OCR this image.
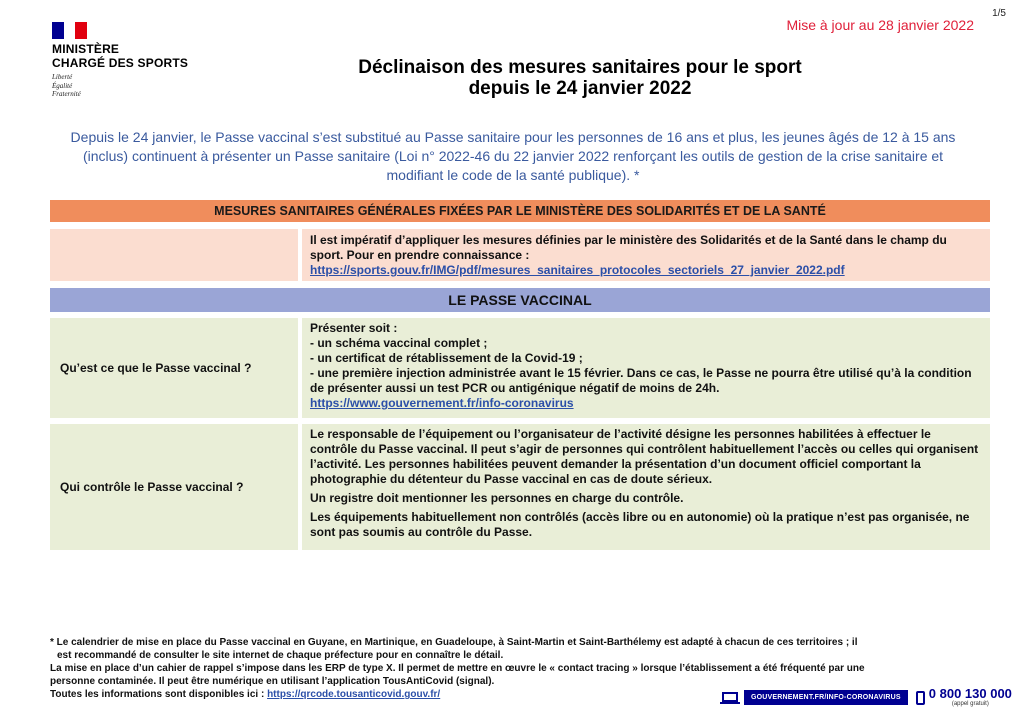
1/5
Mise à jour au 28 janvier 2022
MINISTÈRE
CHARGÉ DES SPORTS
Liberté
Égalité
Fraternité
Déclinaison des mesures sanitaires pour le sport
depuis le 24 janvier 2022
Depuis le 24 janvier, le Passe vaccinal s’est substitué au Passe sanitaire pour les personnes de 16 ans et plus, les jeunes âgés de 12 à 15 ans (inclus) continuent à présenter un Passe sanitaire (Loi n° 2022-46 du 22 janvier 2022 renforçant les outils de gestion de la crise sanitaire et modifiant le code de la santé publique). *
MESURES SANITAIRES GÉNÉRALES FIXÉES PAR LE MINISTÈRE DES SOLIDARITÉS ET DE LA SANTÉ

Il est impératif d’appliquer les mesures définies par le ministère des Solidarités et de la Santé dans le champ du sport. Pour en prendre connaissance :

https://sports.gouv.fr/IMG/pdf/mesures_sanitaires_protocoles_sectoriels_27_janvier_2022.pdf
LE PASSE VACCINAL
Qu’est ce que le Passe vaccinal ?

Présenter soit :

- un schéma vaccinal complet ;
- un certificat de rétablissement de la Covid-19 ;
- une première injection administrée avant le 15 février. Dans ce cas, le Passe ne pourra être utilisé qu’à la condition de présenter aussi un test PCR ou antigénique négatif de moins de 24h.
https://www.gouvernement.fr/info-coronavirus
Qui contrôle le Passe vaccinal ?

Le responsable de l’équipement ou l’organisateur de l’activité désigne les personnes habilitées à effectuer le contrôle du Passe vaccinal. Il peut s’agir de personnes qui contrôlent habituellement l’accès ou celles qui organisent l’activité. Les personnes habilitées peuvent demander la présentation d’un document officiel comportant la photographie du détenteur du Passe vaccinal en cas de doute sérieux.

Un registre doit mentionner les personnes en charge du contrôle.

Les équipements habituellement non contrôlés (accès libre ou en autonomie) où la pratique n’est pas organisée, ne sont pas soumis au contrôle du Passe.

* Le calendrier de mise en place du Passe vaccinal en Guyane, en Martinique, en Guadeloupe, à Saint-Martin et Saint-Barthélemy est adapté à chacun de ces territoires ; il

est recommandé de consulter le site internet de chaque préfecture pour en connaître le détail.

La mise en place d’un cahier de rappel s’impose dans les ERP de type X. Il permet de mettre en œuvre le « contact tracing » lorsque l’établissement a été fréquenté par une

personne contaminée. Il peut être numérique en utilisant l’application TousAntiCovid (signal).

Toutes les informations sont disponibles ici : https://qrcode.tousanticovid.gouv.fr/	GOUVERNEMENT.FR/INFO-CORONAVIRUS	0 800 130 000
(appel gratuit)
